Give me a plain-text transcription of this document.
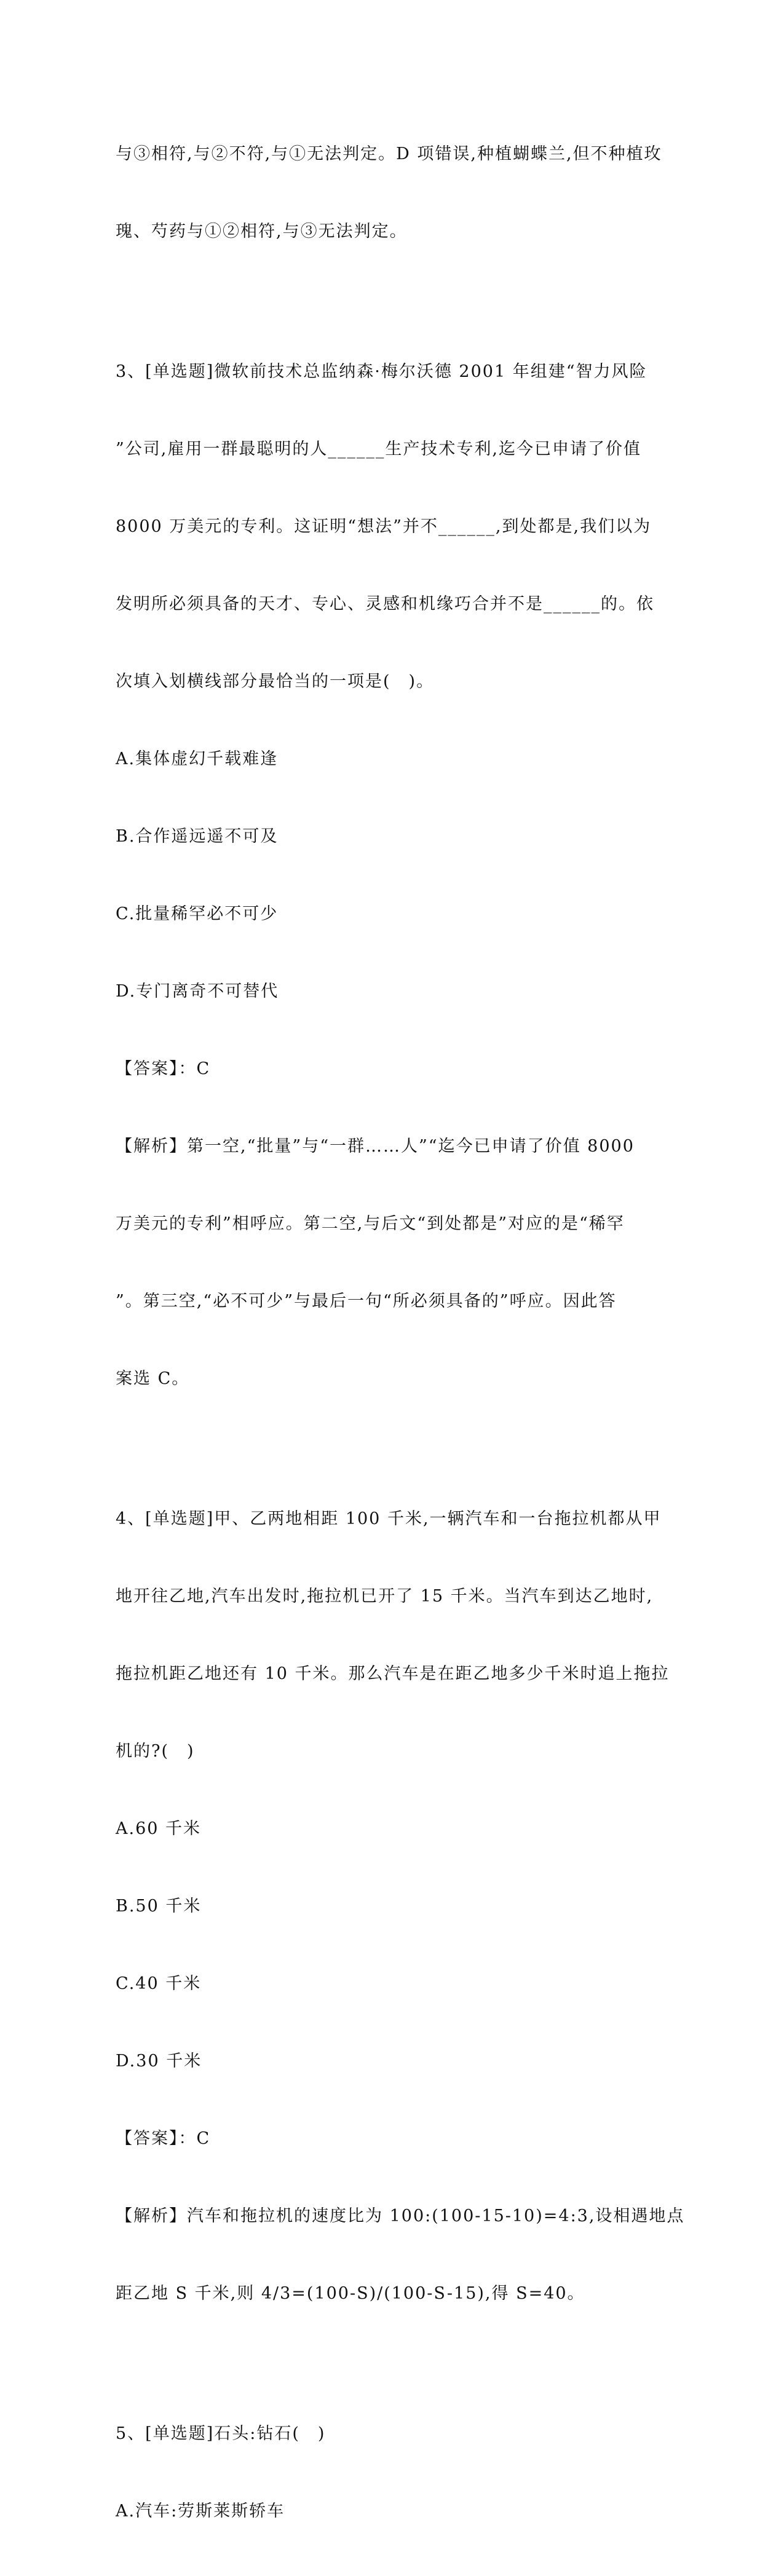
与③相符,与②不符,与①无法判定。D 项错误,种植蝴蝶兰,但不种植玫

瑰、芍药与①②相符,与③无法判定。

3、[单选题]微软前技术总监纳森·梅尔沃德 2001 年组建“智力风险

”公司,雇用一群最聪明的人______生产技术专利,迄今已申请了价值

8000 万美元的专利。这证明“想法”并不______,到处都是,我们以为

发明所必须具备的天才、专心、灵感和机缘巧合并不是______的。依

次填入划横线部分最恰当的一项是(　)。

A.集体虚幻千载难逢

B.合作遥远遥不可及

C.批量稀罕必不可少

D.专门离奇不可替代

【答案】：C

【解析】第一空,“批量”与“一群……人”“迄今已申请了价值 8000

万美元的专利”相呼应。第二空,与后文“到处都是”对应的是“稀罕

”。第三空,“必不可少”与最后一句“所必须具备的”呼应。因此答

案选 C。

4、[单选题]甲、乙两地相距 100 千米,一辆汽车和一台拖拉机都从甲

地开往乙地,汽车出发时,拖拉机已开了 15 千米。当汽车到达乙地时,

拖拉机距乙地还有 10 千米。那么汽车是在距乙地多少千米时追上拖拉

机的?(　)

A.60 千米

B.50 千米

C.40 千米

D.30 千米

【答案】：C

【解析】汽车和拖拉机的速度比为 100:(100-15-10)=4:3,设相遇地点

距乙地 S 千米,则 4/3=(100-S)/(100-S-15),得 S=40。

5、[单选题]石头:钻石(　)

A.汽车:劳斯莱斯轿车
